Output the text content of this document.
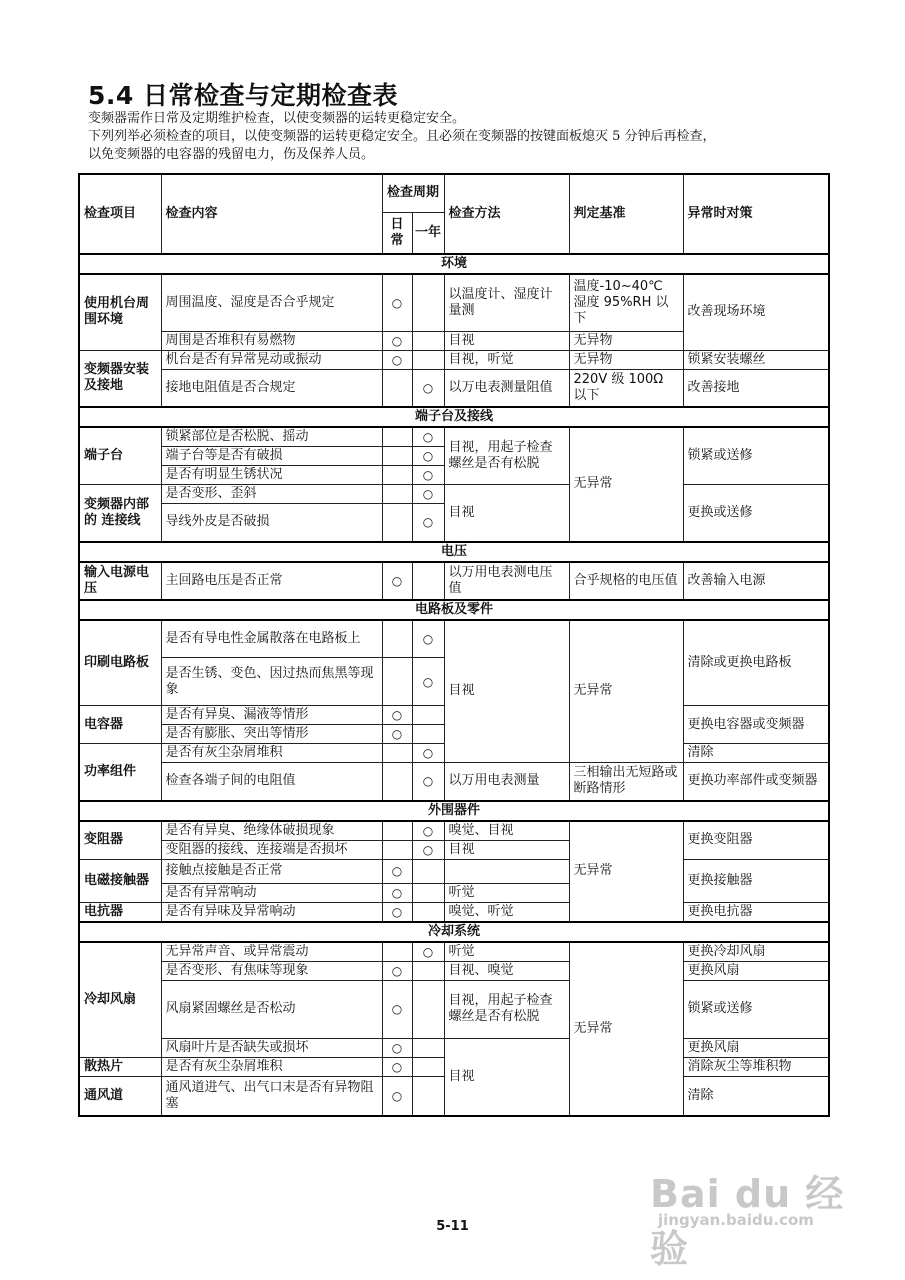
5.4 日常检查与定期检查表
变频器需作日常及定期维护检查，以使变频器的运转更稳定安全。
下列列举必须检查的项目，以使变频器的运转更稳定安全。且必须在变频器的按键面板熄灭 5 分钟后再检查，
以免变频器的电容器的残留电力，伤及保养人员。
检查项目	检查内容	检查周期		检查方法	判定基准	异常时对策
		日常	一年			
环境						
使用机台周围环境	周围温度、湿度是否合乎规定	○		以温度计、湿度计量测	温度-10~40℃ 湿度 95%RH 以下	改善现场环境
	周围是否堆积有易燃物	○		目视	无异物	
变频器安装及接地	机台是否有异常晃动或振动	○		目视，听觉	无异物	锁紧安装螺丝
	接地电阻值是否合规定		○	以万电表测量阻值	220V 级 100Ω 以下	改善接地
端子台及接线						
端子台	锁紧部位是否松脱、摇动		○	目视，用起子检查螺丝是否有松脱	无异常	锁紧或送修
	端子台等是否有破损		○			
	是否有明显生锈状况		○			
变频器内部的 连接线	是否变形、歪斜		○	目视		更换或送修
	导线外皮是否破损		○			
电压						
输入电源电压	主回路电压是否正常	○		以万用电表测电压值	合乎规格的电压值	改善输入电源
电路板及零件						
印刷电路板	是否有导电性金属散落在电路板上		○	目视	无异常	清除或更换电路板
	是否生锈、变色、因过热而焦黑等现象		○			
电容器	是否有异臭、漏液等情形	○				更换电容器或变频器
	是否有膨胀、突出等情形	○				
功率组件	是否有灰尘杂屑堆积		○			清除
	检查各端子间的电阻值		○	以万用电表测量	三相输出无短路或断路情形	更换功率部件或变频器
外围器件						
变阻器	是否有异臭、绝缘体破损现象		○	嗅觉、目视	无异常	更换变阻器
	变阻器的接线、连接端是否损坏		○	目视		
电磁接触器	接触点接触是否正常	○				更换接触器
	是否有异常响动	○		听觉		
电抗器	是否有异味及异常响动	○		嗅觉、听觉		更换电抗器
冷却系统						
冷却风扇	无异常声音、或异常震动		○	听觉	无异常	更换冷却风扇
	是否变形、有焦味等现象	○		目视、嗅觉		更换风扇
	风扇紧固螺丝是否松动	○		目视，用起子检查螺丝是否有松脱		锁紧或送修
	风扇叶片是否缺失或损坏	○		目视		更换风扇
散热片	是否有灰尘杂屑堆积	○				消除灰尘等堆积物
通风道	通风道进气、出气口末是否有异物阻塞	○				清除
Bai du 经验
jingyan.baidu.com
5-11
